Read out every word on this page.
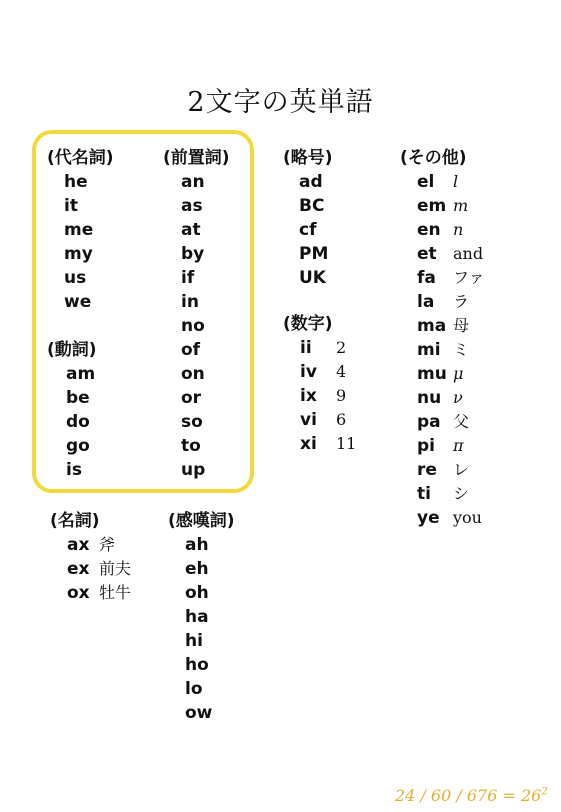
2文字の英単語
(代名詞)
he
it
me
my
us
we
(動詞)
am
be
do
go
is
(前置詞)
an
as
at
by
if
in
no
of
on
or
so
to
up
(略号)
ad
BC
cf
PM
UK
(数字)
ii 2
iv 4
ix 9
vi 6
xi 11
(その他)
el l
em m
en n
et and
fa ファ
la ラ
ma 母
mi ミ
mu μ
nu ν
pa 父
pi π
re レ
ti シ
ye you
(名詞)
ax 斧
ex 前夫
ox 牡牛
(感嘆詞)
ah
eh
oh
ha
hi
ho
lo
ow
$24 / 60 / 676 = 26^2$
